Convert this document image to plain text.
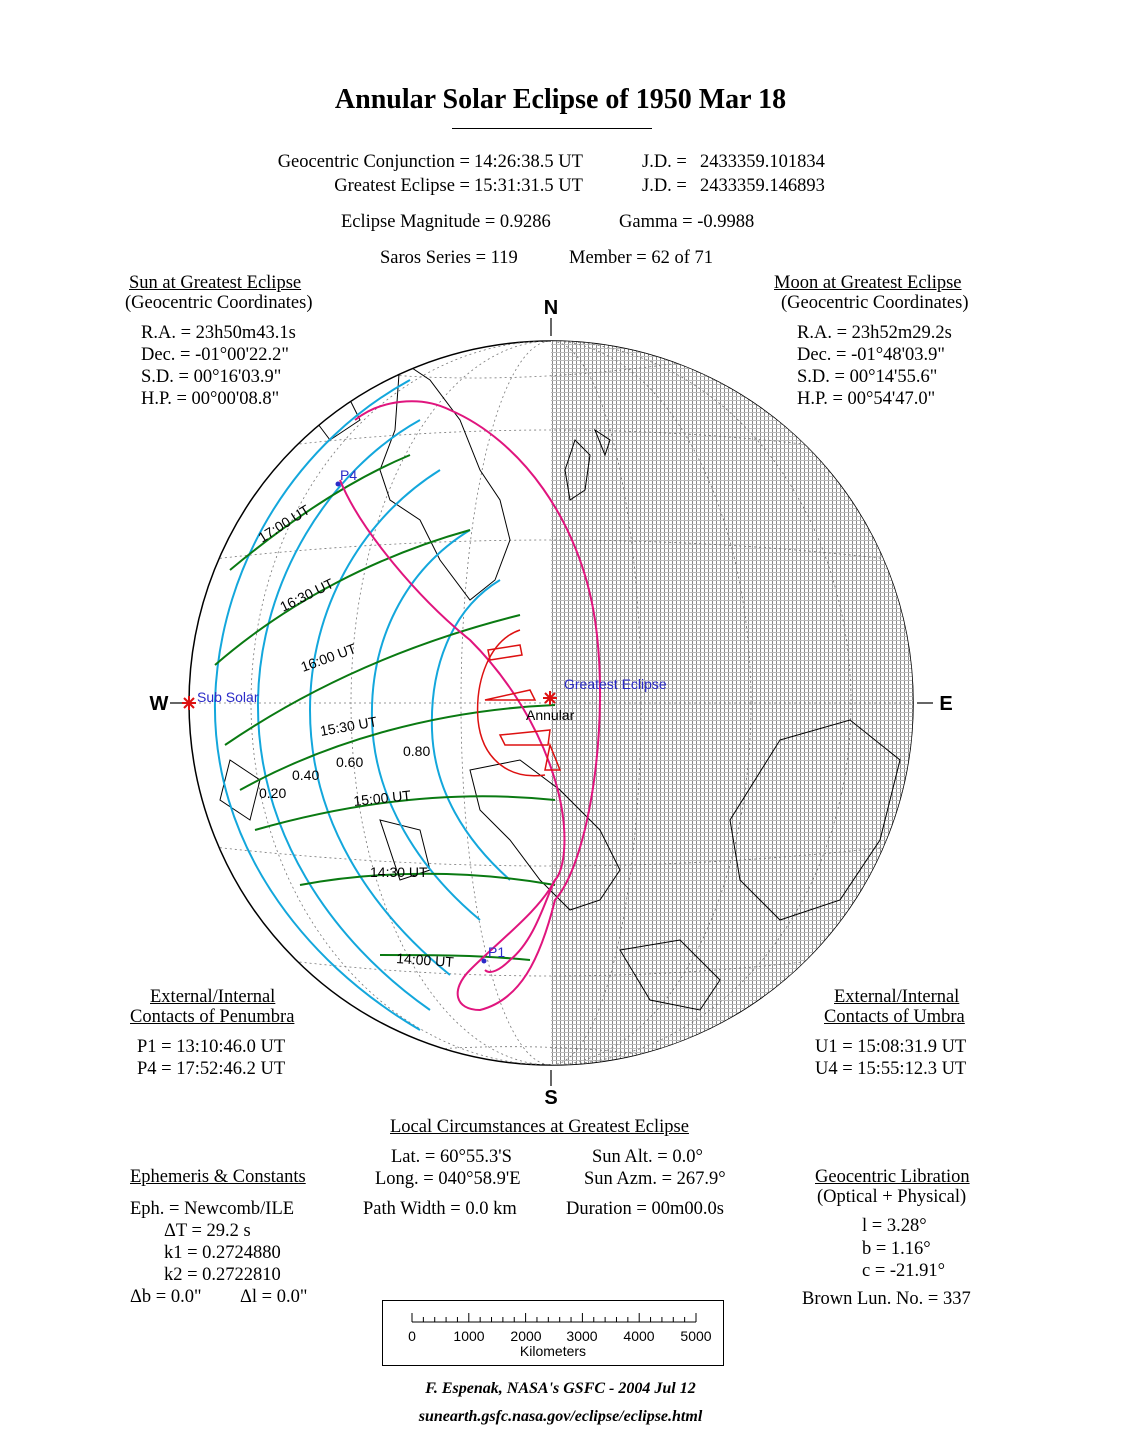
Annular Solar Eclipse of 1950 Mar 18
Geocentric Conjunction = 14:26:38.5 UT	J.D. = 2433359.101834
Greatest Eclipse = 15:31:31.5 UT	J.D. = 2433359.146893
Eclipse Magnitude = 0.9286	Gamma = -0.9988
Saros Series = 119	Member = 62 of 71
Sun at Greatest Eclipse
(Geocentric Coordinates)
R.A. = 23h50m43.1s
Dec. = -01°00'22.2"
S.D. = 00°16'03.9"
H.P. = 00°00'08.8"
Moon at Greatest Eclipse
(Geocentric Coordinates)
R.A. = 23h52m29.2s
Dec. = -01°48'03.9"
S.D. = 00°14'55.6"
H.P. = 00°54'47.0"
External/Internal
Contacts of Penumbra
P1 = 13:10:46.0 UT
P4 = 17:52:46.2 UT
External/Internal
Contacts of Umbra
U1 = 15:08:31.9 UT
U4 = 15:55:12.3 UT
Local Circumstances at Greatest Eclipse
Lat. = 60°55.3'S
Long. = 040°58.9'E
Sun Alt. = 0.0°
Sun Azm. = 267.9°
Path Width = 0.0 km	Duration = 00m00.0s
Ephemeris & Constants
Eph. = Newcomb/ILE
ΔT = 29.2 s
k1 = 0.2724880
k2 = 0.2722810
Δb = 0.0" Δl = 0.0"
Geocentric Libration
(Optical + Physical)
l = 3.28°
b = 1.16°
c = -21.91°
Brown Lun. No. = 337
Kilometers
F. Espenak, NASA's GSFC - 2004 Jul 12
sunearth.gsfc.nasa.gov/eclipse/eclipse.html
N
S
W	E
Sub Solar
Greatest Eclipse
Annular
P4
P1
17:00 UT
16:30 UT
16:00 UT
15:30 UT
15:00 UT
14:30 UT
14:00 UT
0.20
0.40
0.60
0.80
0	1000 2000 3000 4000 5000
